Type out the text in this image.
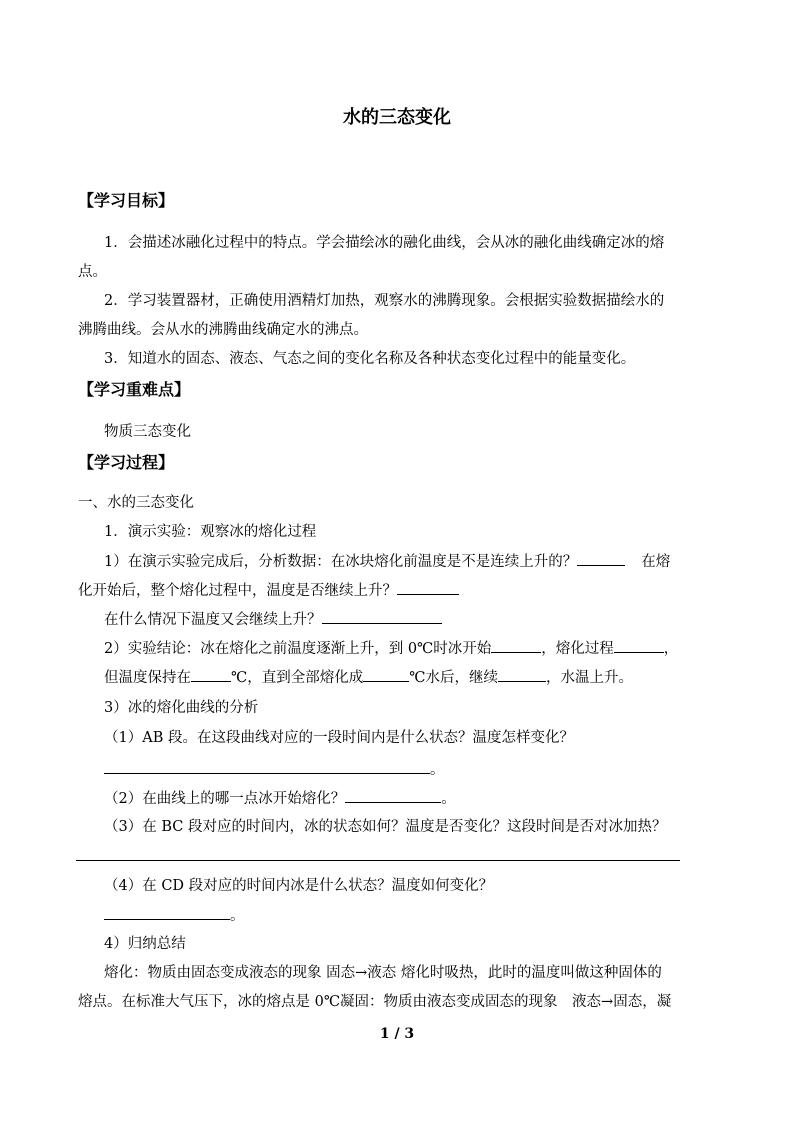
水的三态变化
【学习目标】
1．会描述冰融化过程中的特点。学会描绘冰的融化曲线，会从冰的融化曲线确定冰的熔
点。
2．学习装置器材，正确使用酒精灯加热，观察水的沸腾现象。会根据实验数据描绘水的
沸腾曲线。会从水的沸腾曲线确定水的沸点。
3．知道水的固态、液态、气态之间的变化名称及各种状态变化过程中的能量变化。
【学习重难点】
物质三态变化
【学习过程】
一、水的三态变化
1．演示实验：观察冰的熔化过程
1）在演示实验完成后，分析数据：在冰块熔化前温度是不是连续上升的？	在熔
化开始后，整个熔化过程中，温度是否继续上升？
在什么情况下温度又会继续上升？
2）实验结论：冰在熔化之前温度逐渐上升，到 0℃时冰开始	，熔化过程	，
但温度保持在	℃，直到全部熔化成	℃水后，继续	，水温上升。
3）冰的熔化曲线的分析
（1）AB 段。在这段曲线对应的一段时间内是什么状态？温度怎样变化？
。
（2）在曲线上的哪一点冰开始熔化？	。
（3）在 BC 段对应的时间内，冰的状态如何？温度是否变化？这段时间是否对冰加热？
（4）在 CD 段对应的时间内冰是什么状态？温度如何变化？
。
4）归纳总结
熔化：物质由固态变成液态的现象 固态→液态 熔化时吸热，此时的温度叫做这种固体的
熔点。在标准大气压下，冰的熔点是 0℃凝固：物质由液态变成固态的现象　液态→固态，凝
1 / 3
